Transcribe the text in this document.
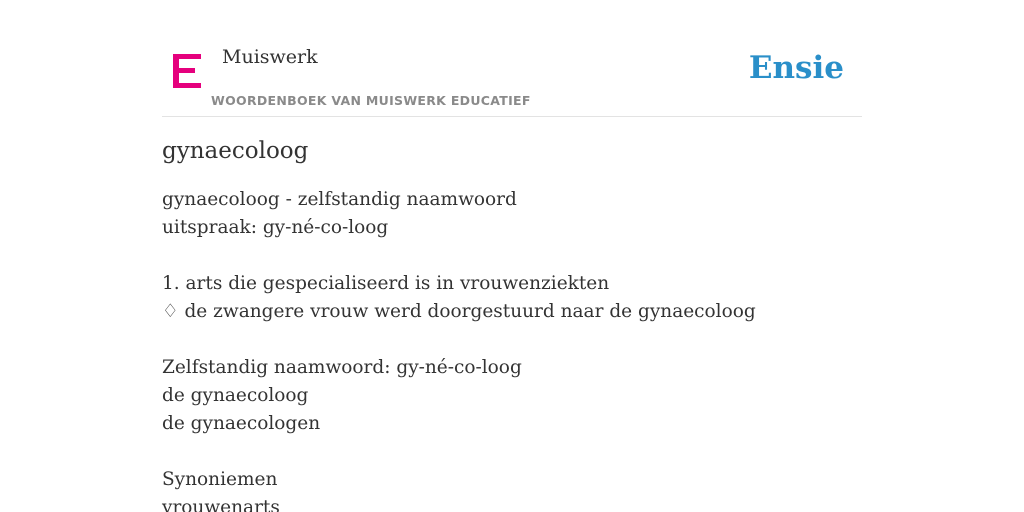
Muiswerk
WOORDENBOEK VAN MUISWERK EDUCATIEF
Ensie
gynaecoloog
gynaecoloog - zelfstandig naamwoord
uitspraak: gy-né-co-loog
1. arts die gespecialiseerd is in vrouwenziekten
♢ de zwangere vrouw werd doorgestuurd naar de gynaecoloog
Zelfstandig naamwoord: gy-né-co-loog
de gynaecoloog
de gynaecologen
Synoniemen
vrouwenarts
